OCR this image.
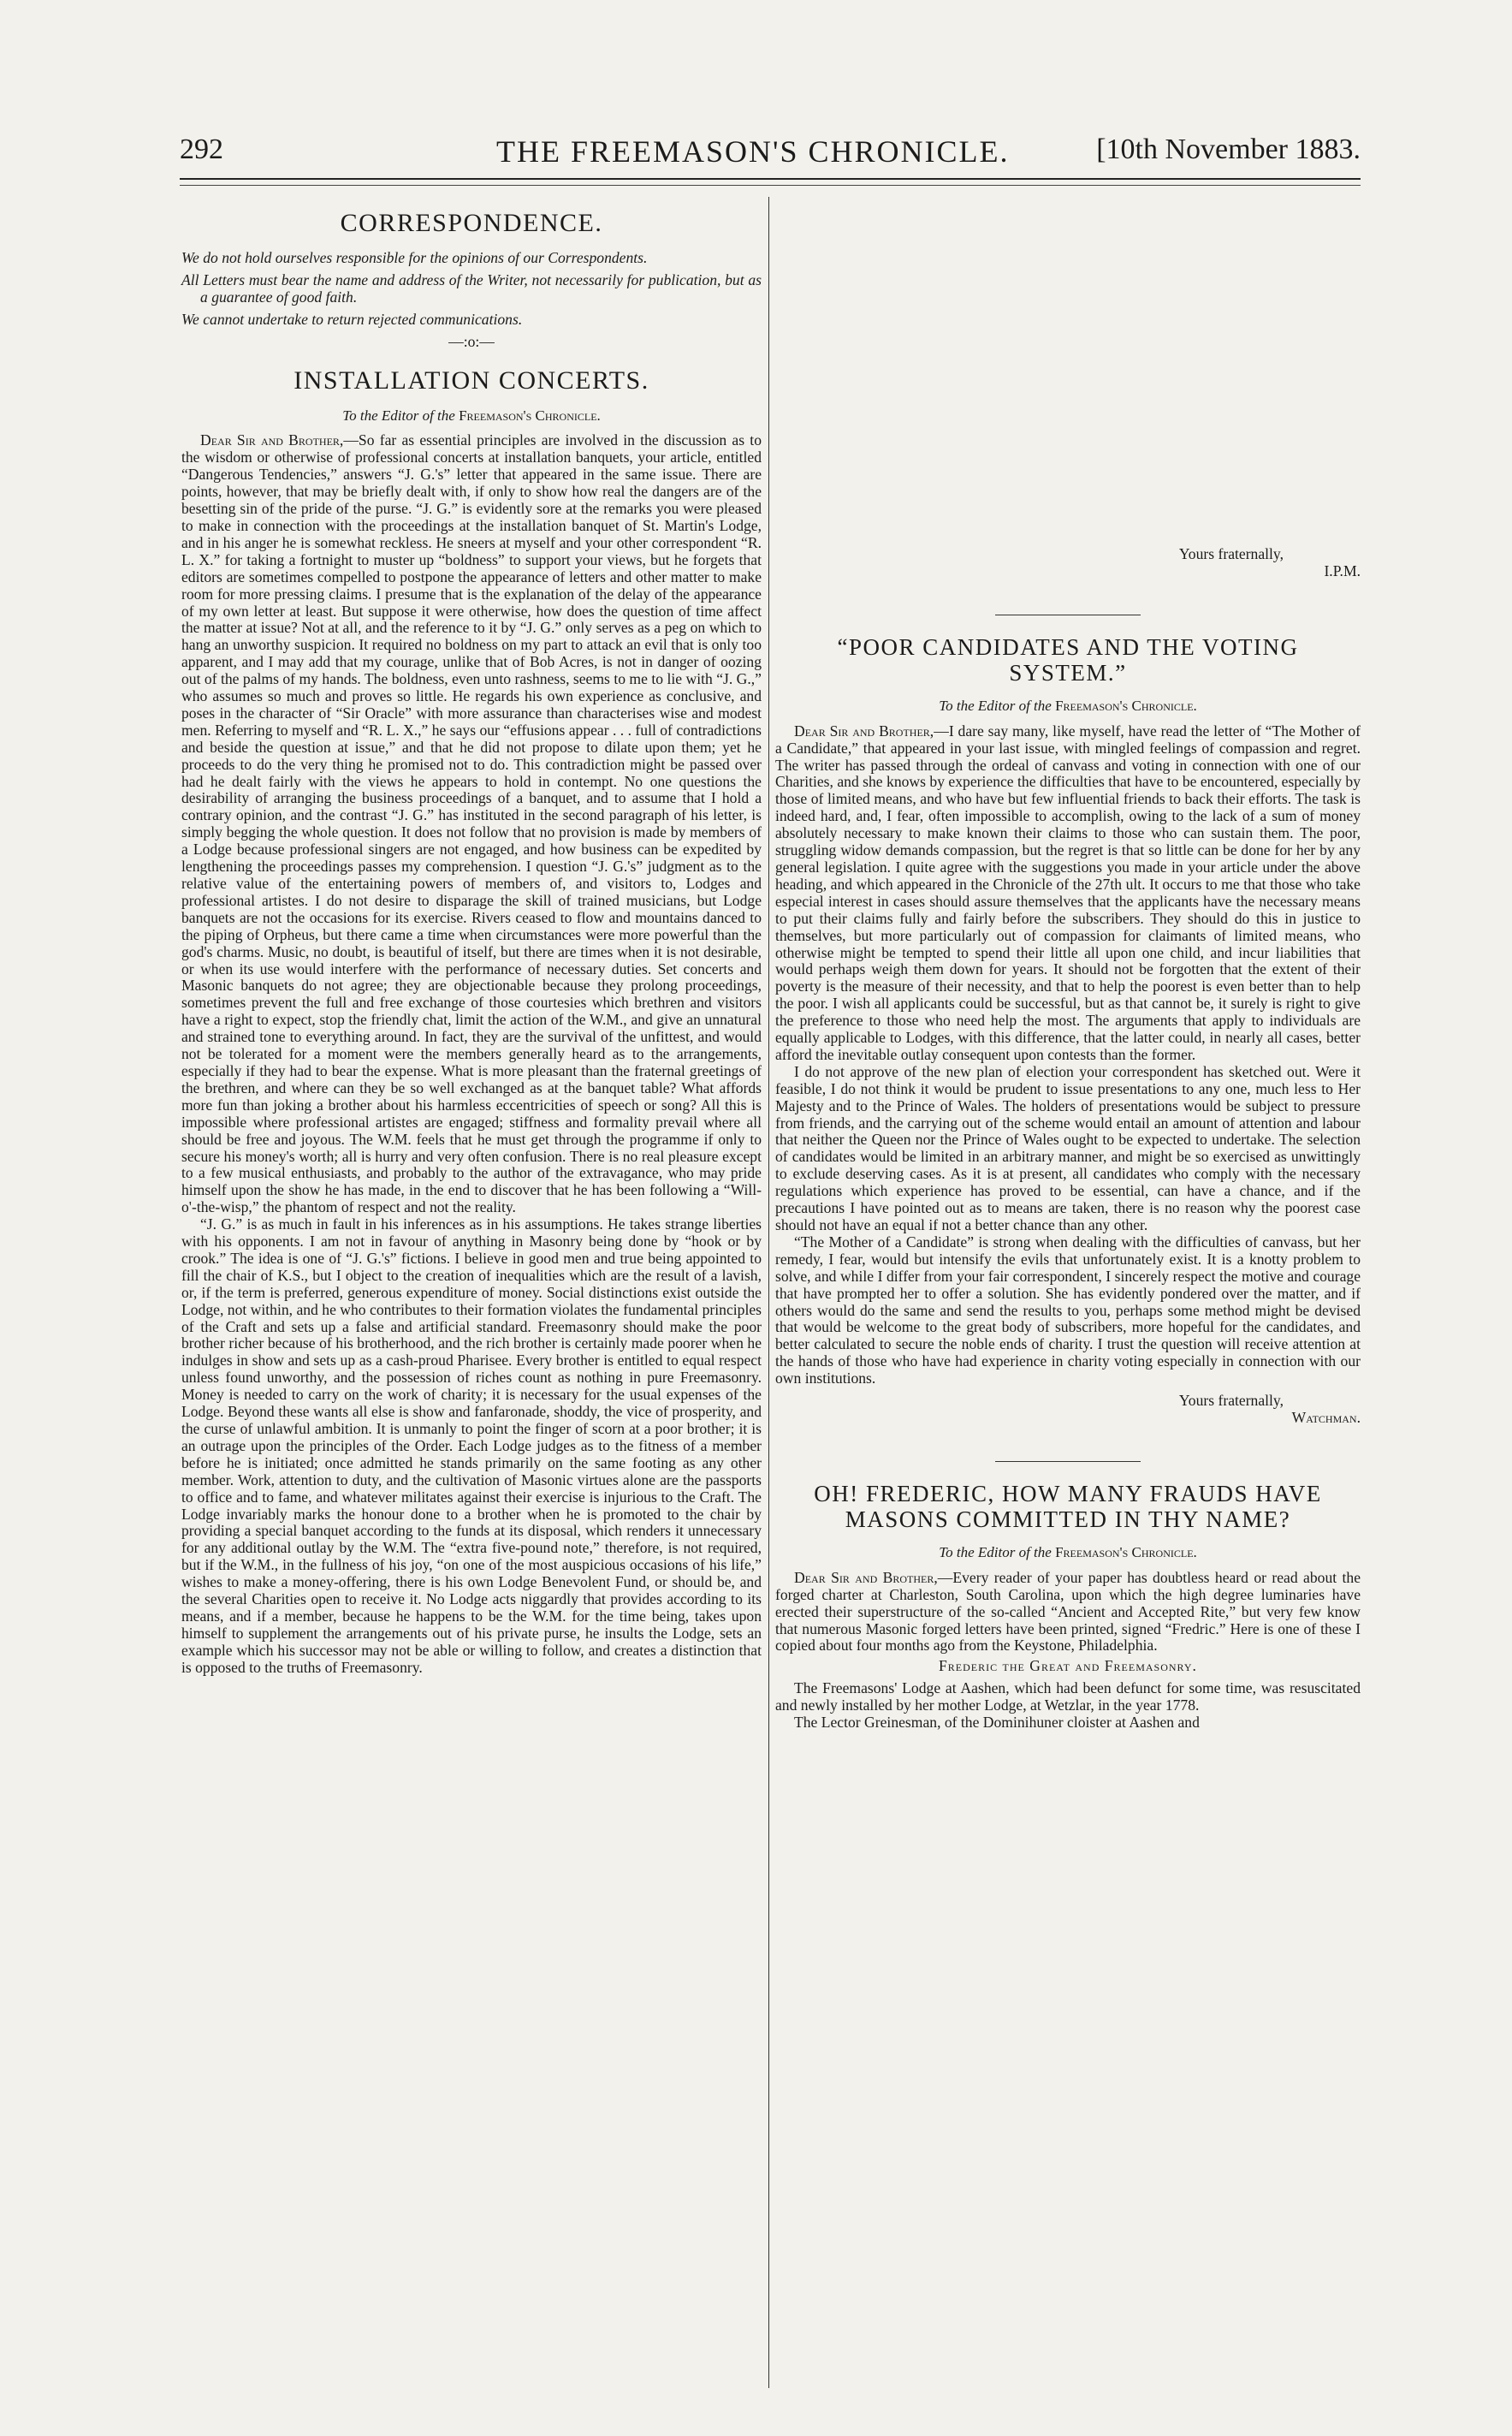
292	THE FREEMASON'S CHRONICLE.	[10th November 1883.
CORRESPONDENCE.

We do not hold ourselves responsible for the opinions of our Correspondents.

All Letters must bear the name and address of the Writer, not necessarily for publication, but as a guarantee of good faith.

We cannot undertake to return rejected communications.

—:o:—
INSTALLATION CONCERTS.
To the Editor of the Freemason's Chronicle.

Dear Sir and Brother,—So far as essential principles are involved in the discussion as to the wisdom or otherwise of professional concerts at installation banquets, your article, entitled “Dangerous Tendencies,” answers “J. G.'s” letter that appeared in the same issue. There are points, however, that may be briefly dealt with, if only to show how real the dangers are of the besetting sin of the pride of the purse. “J. G.” is evidently sore at the remarks you were pleased to make in connection with the proceedings at the installation banquet of St. Martin's Lodge, and in his anger he is somewhat reckless. He sneers at myself and your other correspondent “R. L. X.” for taking a fortnight to muster up “boldness” to support your views, but he forgets that editors are sometimes compelled to postpone the appearance of letters and other matter to make room for more pressing claims. I presume that is the explanation of the delay of the appearance of my own letter at least. But suppose it were otherwise, how does the question of time affect the matter at issue? Not at all, and the reference to it by “J. G.” only serves as a peg on which to hang an unworthy suspicion. It required no boldness on my part to attack an evil that is only too apparent, and I may add that my courage, unlike that of Bob Acres, is not in danger of oozing out of the palms of my hands. The boldness, even unto rashness, seems to me to lie with “J. G.,” who assumes so much and proves so little. He regards his own experience as conclusive, and poses in the character of “Sir Oracle” with more assurance than characterises wise and modest men. Referring to myself and “R. L. X.,” he says our “effusions appear . . . full of contradictions and beside the question at issue,” and that he did not propose to dilate upon them; yet he proceeds to do the very thing he promised not to do. This contradiction might be passed over had he dealt fairly with the views he appears to hold in contempt. No one questions the desirability of arranging the business proceedings of a banquet, and to assume that I hold a contrary opinion, and the contrast “J. G.” has instituted in the second paragraph of his letter, is simply begging the whole question. It does not follow that no provision is made by members of a Lodge because professional singers are not engaged, and how business can be expedited by lengthening the proceedings passes my comprehension. I question “J. G.'s” judgment as to the relative value of the entertaining powers of members of, and visitors to, Lodges and professional artistes. I do not desire to disparage the skill of trained musicians, but Lodge banquets are not the occasions for its exercise. Rivers ceased to flow and mountains danced to the piping of Orpheus, but there came a time when circumstances were more powerful than the god's charms. Music, no doubt, is beautiful of itself, but there are times when it is not desirable, or when its use would interfere with the performance of necessary duties. Set concerts and Masonic banquets do not agree; they are objectionable because they prolong proceedings, sometimes prevent the full and free exchange of those courtesies which brethren and visitors have a right to expect, stop the friendly chat, limit the action of the W.M., and give an unnatural and strained tone to everything around. In fact, they are the survival of the unfittest, and would not be tolerated for a moment were the members generally heard as to the arrangements, especially if they had to bear the expense. What is more pleasant than the fraternal greetings of the brethren, and where can they be so well exchanged as at the banquet table? What affords more fun than joking a brother about his harmless eccentricities of speech or song? All this is impossible where professional artistes are engaged; stiffness and formality prevail where all should be free and joyous. The W.M. feels that he must get through the programme if only to secure his money's worth; all is hurry and very often confusion. There is no real pleasure except to a few musical enthusiasts, and probably to the author of the extravagance, who may pride himself upon the show he has made, in the end to discover that he has been following a “Will-o'-the-wisp,” the phantom of respect and not the reality.

“J. G.” is as much in fault in his inferences as in his assumptions. He takes strange liberties with his opponents. I am not in favour of anything in Masonry being done by “hook or by crook.” The idea is one of “J. G.'s” fictions. I believe in good men and true being appointed to fill the chair of K.S., but I object to the creation of inequalities which are the result of a lavish, or, if the term is preferred, generous expenditure of money. Social distinctions exist outside the Lodge, not within, and he who contributes to their formation violates the fundamental principles of the Craft and sets up a false and artificial standard. Freemasonry should make the poor brother richer because of his brotherhood, and the rich brother is certainly made poorer when he indulges in show and sets up as a cash-proud Pharisee. Every brother is entitled to equal respect unless found unworthy, and the possession of riches count as nothing in pure Freemasonry. Money is needed to carry on the work of charity; it is necessary for the usual expenses of the Lodge. Beyond these wants all else is show and fanfaronade, shoddy, the vice of prosperity, and the curse of unlawful ambition. It is unmanly to point the finger of scorn at a poor brother; it is an outrage upon the principles of the Order. Each Lodge judges as to the fitness of a member before he is initiated; once admitted he stands primarily on the same footing as any other member. Work, attention to duty, and the cultivation of Masonic virtues alone are the passports to office and to fame, and whatever militates against their exercise is injurious to the Craft. The Lodge invariably marks the honour done to a brother when he is promoted to the chair by providing a special banquet according to the funds at its disposal, which renders it unnecessary for any additional outlay by the W.M. The “extra five-pound note,” therefore, is not required, but if the W.M., in the fullness of his joy, “on one of the most auspicious occasions of his life,” wishes to make a money-offering, there is his own Lodge Benevolent Fund, or should be, and the several Charities open to receive it. No Lodge acts niggardly that provides according to its means, and if a member, because he happens to be the W.M. for the time being, takes upon himself to supplement the arrangements out of his private purse, he insults the Lodge, sets an example which his successor may not be able or willing to follow, and creates a distinction that is opposed to the truths of Freemasonry.

Yours fraternally,
I.P.M.
“POOR CANDIDATES AND THE VOTING SYSTEM.”
To the Editor of the Freemason's Chronicle.

Dear Sir and Brother,—I dare say many, like myself, have read the letter of “The Mother of a Candidate,” that appeared in your last issue, with mingled feelings of compassion and regret. The writer has passed through the ordeal of canvass and voting in connection with one of our Charities, and she knows by experience the difficulties that have to be encountered, especially by those of limited means, and who have but few influential friends to back their efforts. The task is indeed hard, and, I fear, often impossible to accomplish, owing to the lack of a sum of money absolutely necessary to make known their claims to those who can sustain them. The poor, struggling widow demands compassion, but the regret is that so little can be done for her by any general legislation. I quite agree with the suggestions you made in your article under the above heading, and which appeared in the Chronicle of the 27th ult. It occurs to me that those who take especial interest in cases should assure themselves that the applicants have the necessary means to put their claims fully and fairly before the subscribers. They should do this in justice to themselves, but more particularly out of compassion for claimants of limited means, who otherwise might be tempted to spend their little all upon one child, and incur liabilities that would perhaps weigh them down for years. It should not be forgotten that the extent of their poverty is the measure of their necessity, and that to help the poorest is even better than to help the poor. I wish all applicants could be successful, but as that cannot be, it surely is right to give the preference to those who need help the most. The arguments that apply to individuals are equally applicable to Lodges, with this difference, that the latter could, in nearly all cases, better afford the inevitable outlay consequent upon contests than the former.

I do not approve of the new plan of election your correspondent has sketched out. Were it feasible, I do not think it would be prudent to issue presentations to any one, much less to Her Majesty and to the Prince of Wales. The holders of presentations would be subject to pressure from friends, and the carrying out of the scheme would entail an amount of attention and labour that neither the Queen nor the Prince of Wales ought to be expected to undertake. The selection of candidates would be limited in an arbitrary manner, and might be so exercised as unwittingly to exclude deserving cases. As it is at present, all candidates who comply with the necessary regulations which experience has proved to be essential, can have a chance, and if the precautions I have pointed out as to means are taken, there is no reason why the poorest case should not have an equal if not a better chance than any other.

“The Mother of a Candidate” is strong when dealing with the difficulties of canvass, but her remedy, I fear, would but intensify the evils that unfortunately exist. It is a knotty problem to solve, and while I differ from your fair correspondent, I sincerely respect the motive and courage that have prompted her to offer a solution. She has evidently pondered over the matter, and if others would do the same and send the results to you, perhaps some method might be devised that would be welcome to the great body of subscribers, more hopeful for the candidates, and better calculated to secure the noble ends of charity. I trust the question will receive attention at the hands of those who have had experience in charity voting especially in connection with our own institutions.

Yours fraternally,
Watchman.
OH! FREDERIC, HOW MANY FRAUDS HAVE MASONS COMMITTED IN THY NAME?
To the Editor of the Freemason's Chronicle.

Dear Sir and Brother,—Every reader of your paper has doubtless heard or read about the forged charter at Charleston, South Carolina, upon which the high degree luminaries have erected their superstructure of the so-called “Ancient and Accepted Rite,” but very few know that numerous Masonic forged letters have been printed, signed “Fredric.” Here is one of these I copied about four months ago from the Keystone, Philadelphia.

Frederic the Great and Freemasonry.

The Freemasons' Lodge at Aashen, which had been defunct for some time, was resuscitated and newly installed by her mother Lodge, at Wetzlar, in the year 1778.

The Lector Greinesman, of the Dominihuner cloister at Aashen and
